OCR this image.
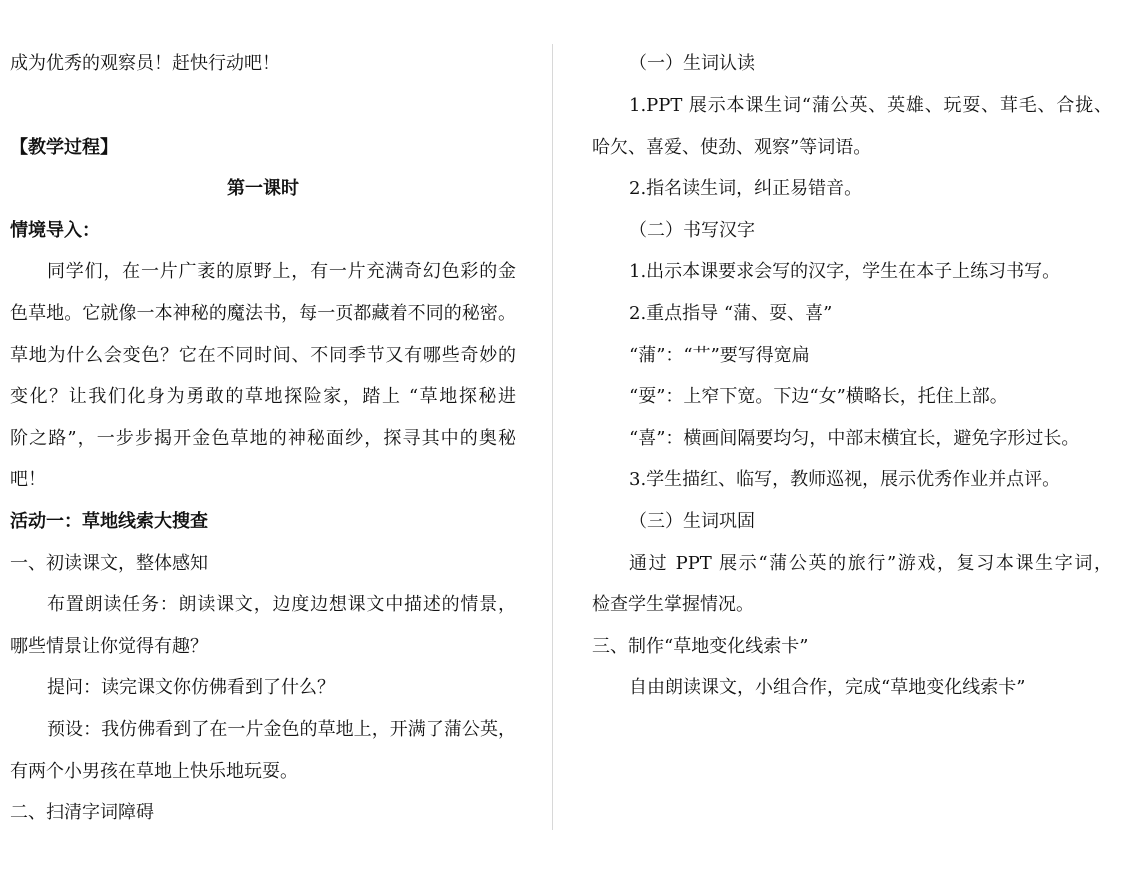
成为优秀的观察员！赶快行动吧！
【教学过程】
第一课时
情境导入：
同学们，在一片广袤的原野上，有一片充满奇幻色彩的金
色草地。它就像一本神秘的魔法书，每一页都藏着不同的秘密。
草地为什么会变色？它在不同时间、不同季节又有哪些奇妙的
变化？让我们化身为勇敢的草地探险家，踏上 “草地探秘进
阶之路”，一步步揭开金色草地的神秘面纱，探寻其中的奥秘
吧！
活动一：草地线索大搜查
一、初读课文，整体感知
布置朗读任务：朗读课文，边度边想课文中描述的情景，
哪些情景让你觉得有趣？
提问：读完课文你仿佛看到了什么？
预设：我仿佛看到了在一片金色的草地上，开满了蒲公英，
有两个小男孩在草地上快乐地玩耍。
二、扫清字词障碍
（一）生词认读
1.PPT 展示本课生词“蒲公英、英雄、玩耍、茸毛、合拢、
哈欠、喜爱、使劲、观察”等词语。
2.指名读生词，纠正易错音。
（二）书写汉字
1.出示本课要求会写的汉字，学生在本子上练习书写。
2.重点指导 “蒲、耍、喜”
“蒲”：“艹”要写得宽扁
“耍”：上窄下宽。下边“女”横略长，托住上部。
“喜”：横画间隔要均匀，中部末横宜长，避免字形过长。
3.学生描红、临写，教师巡视，展示优秀作业并点评。
（三）生词巩固
通过 PPT 展示“蒲公英的旅行”游戏，复习本课生字词，
检查学生掌握情况。
三、制作“草地变化线索卡”
自由朗读课文，小组合作，完成“草地变化线索卡”
